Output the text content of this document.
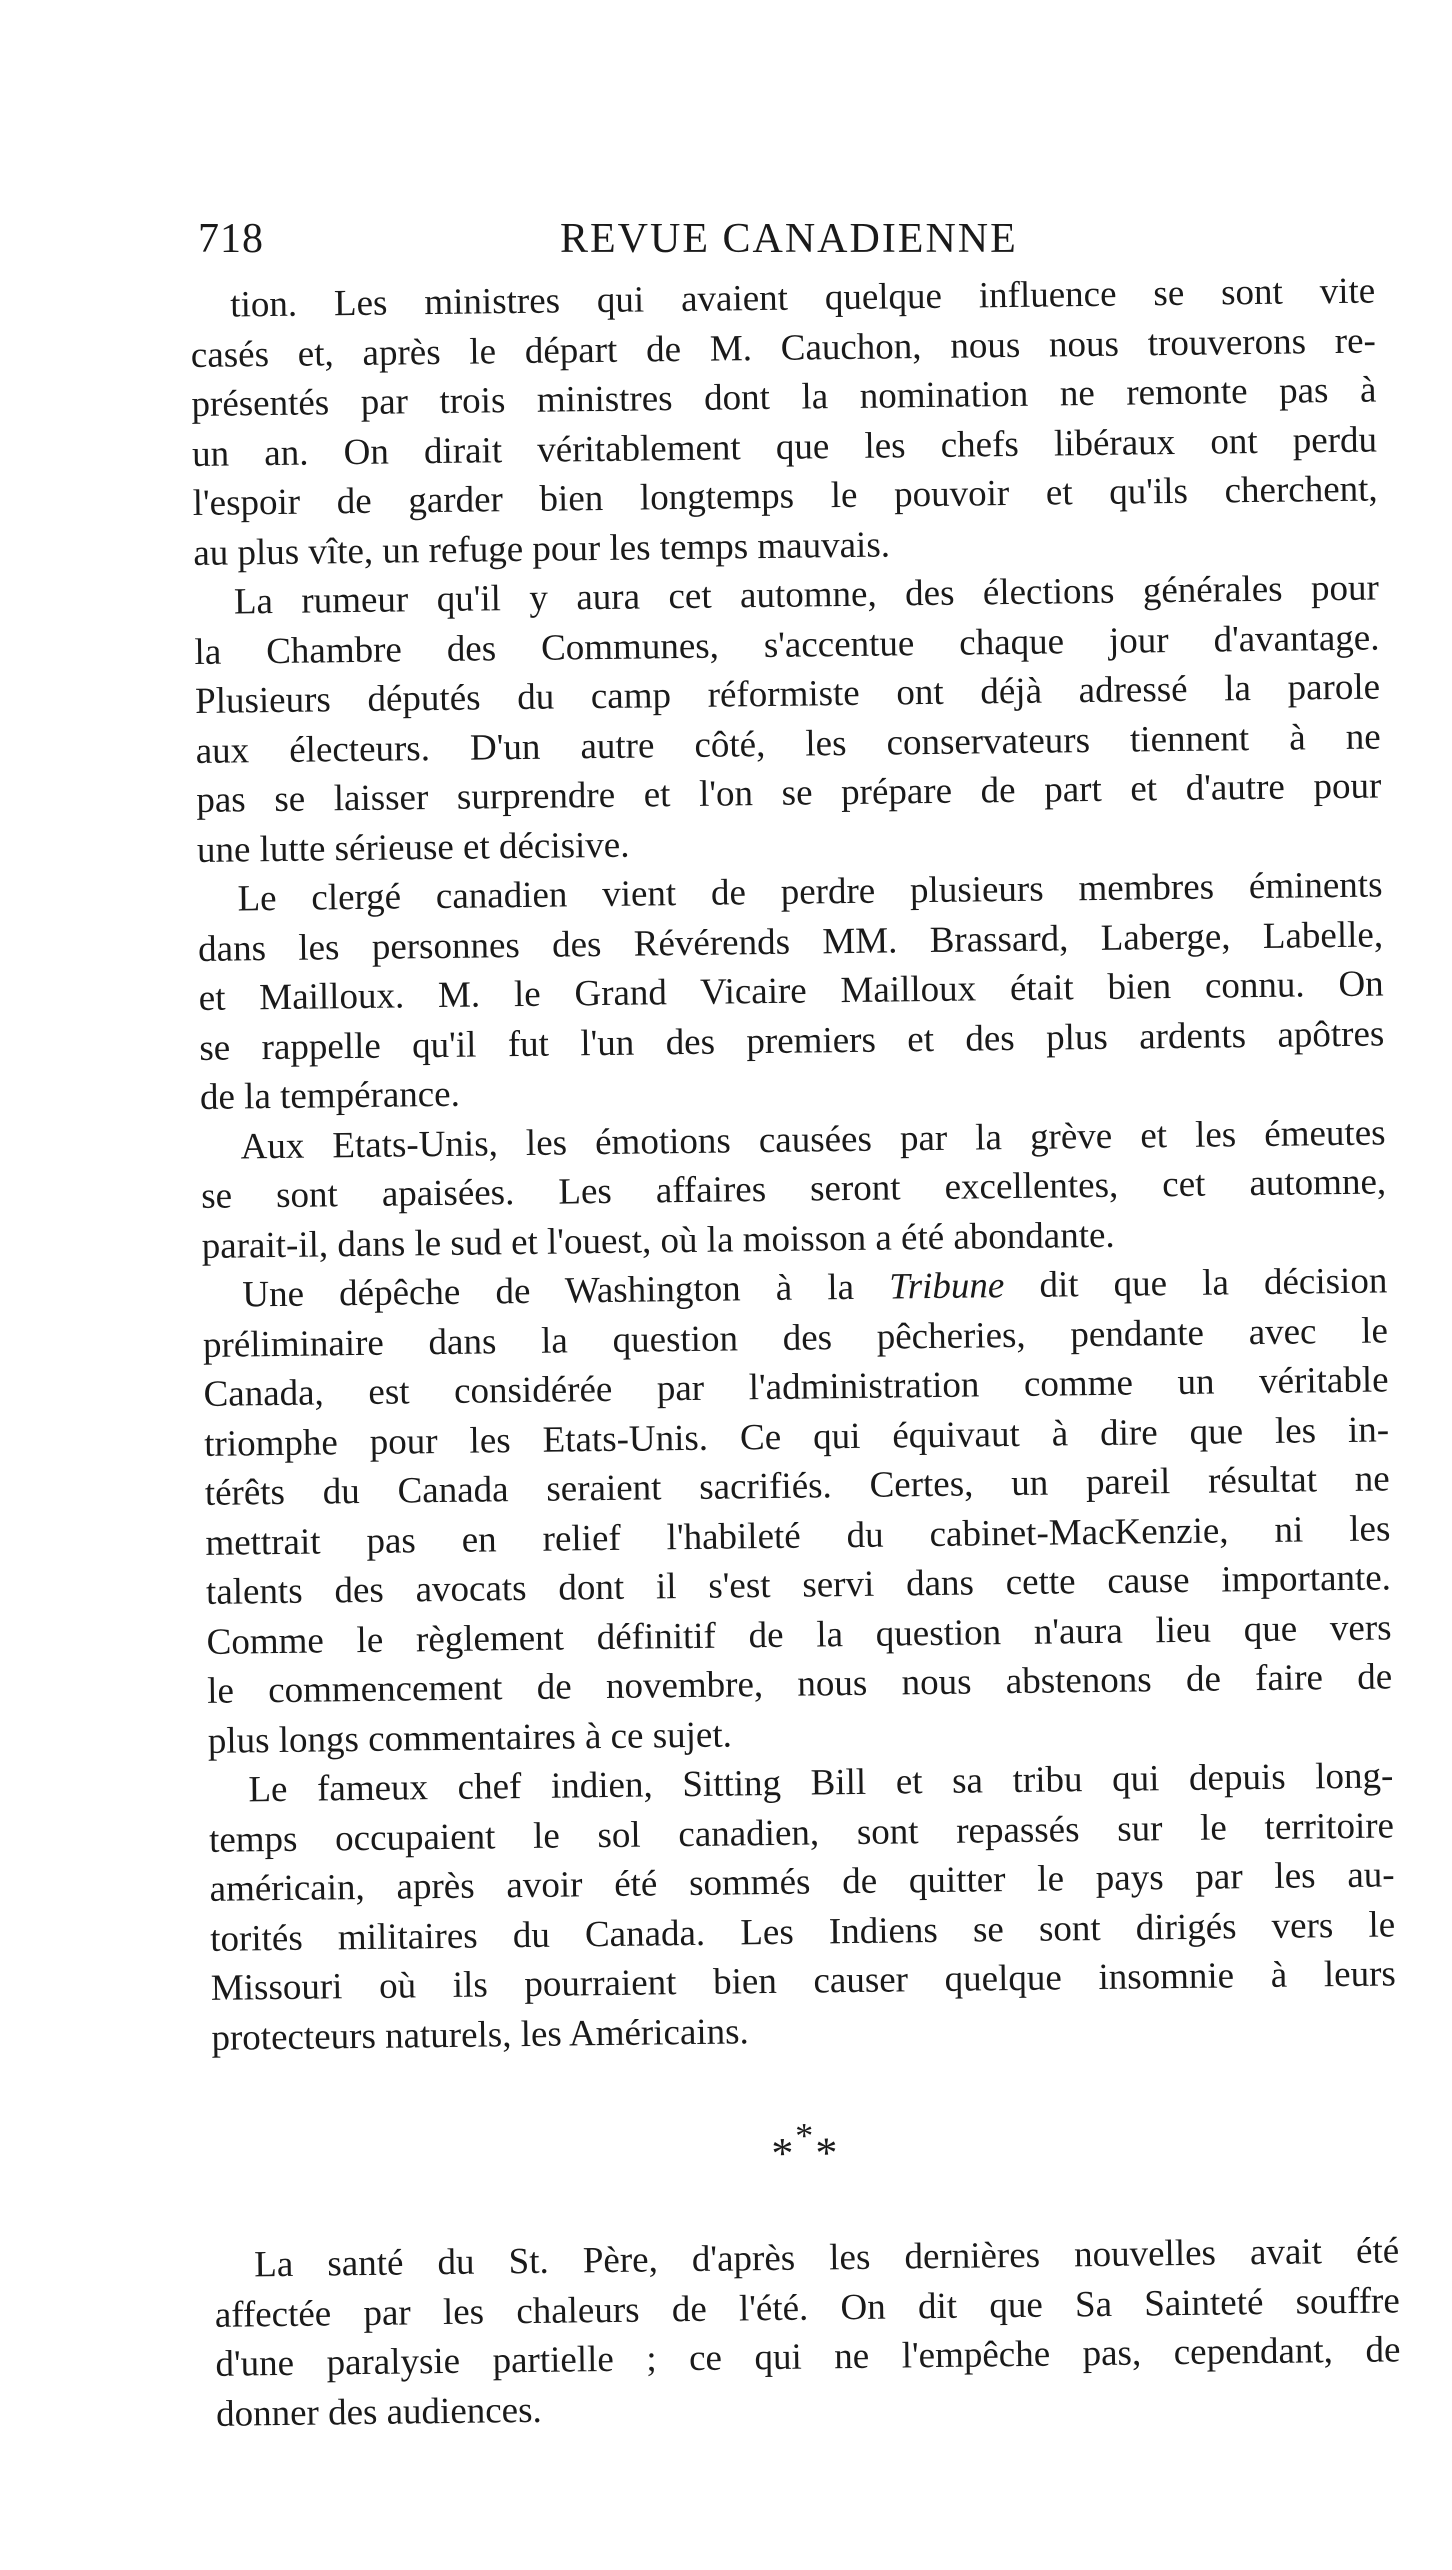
718	REVUE CANADIENNE

tion. Les ministres qui avaient quelque influence se sont vite
casés et, après le départ de M. Cauchon, nous nous trouverons re-
présentés par trois ministres dont la nomination ne remonte pas à
un an. On dirait véritablement que les chefs libéraux ont perdu
l'espoir de garder bien longtemps le pouvoir et qu'ils cherchent,
au plus vîte, un refuge pour les temps mauvais.

La rumeur qu'il y aura cet automne, des élections générales pour
la Chambre des Communes, s'accentue chaque jour d'avantage.
Plusieurs députés du camp réformiste ont déjà adressé la parole
aux électeurs. D'un autre côté, les conservateurs tiennent à ne
pas se laisser surprendre et l'on se prépare de part et d'autre pour
une lutte sérieuse et décisive.

Le clergé canadien vient de perdre plusieurs membres éminents
dans les personnes des Révérends MM. Brassard, Laberge, Labelle,
et Mailloux. M. le Grand Vicaire Mailloux était bien connu. On
se rappelle qu'il fut l'un des premiers et des plus ardents apôtres
de la tempérance.

Aux Etats-Unis, les émotions causées par la grève et les émeutes
se sont apaisées. Les affaires seront excellentes, cet automne,
parait-il, dans le sud et l'ouest, où la moisson a été abondante.

Une dépêche de Washington à la Tribune dit que la décision
préliminaire dans la question des pêcheries, pendante avec le
Canada, est considérée par l'administration comme un véritable
triomphe pour les Etats-Unis. Ce qui équivaut à dire que les in-
térêts du Canada seraient sacrifiés. Certes, un pareil résultat ne
mettrait pas en relief l'habileté du cabinet-MacKenzie, ni les
talents des avocats dont il s'est servi dans cette cause importante.
Comme le règlement définitif de la question n'aura lieu que vers
le commencement de novembre, nous nous abstenons de faire de
plus longs commentaires à ce sujet.

Le fameux chef indien, Sitting Bill et sa tribu qui depuis long-
temps occupaient le sol canadien, sont repassés sur le territoire
américain, après avoir été sommés de quitter le pays par les au-
torités militaires du Canada. Les Indiens se sont dirigés vers le
Missouri où ils pourraient bien causer quelque insomnie à leurs
protecteurs naturels, les Américains.

***

La santé du St. Père, d'après les dernières nouvelles avait été
affectée par les chaleurs de l'été. On dit que Sa Sainteté souffre
d'une paralysie partielle ; ce qui ne l'empêche pas, cependant, de
donner des audiences.
